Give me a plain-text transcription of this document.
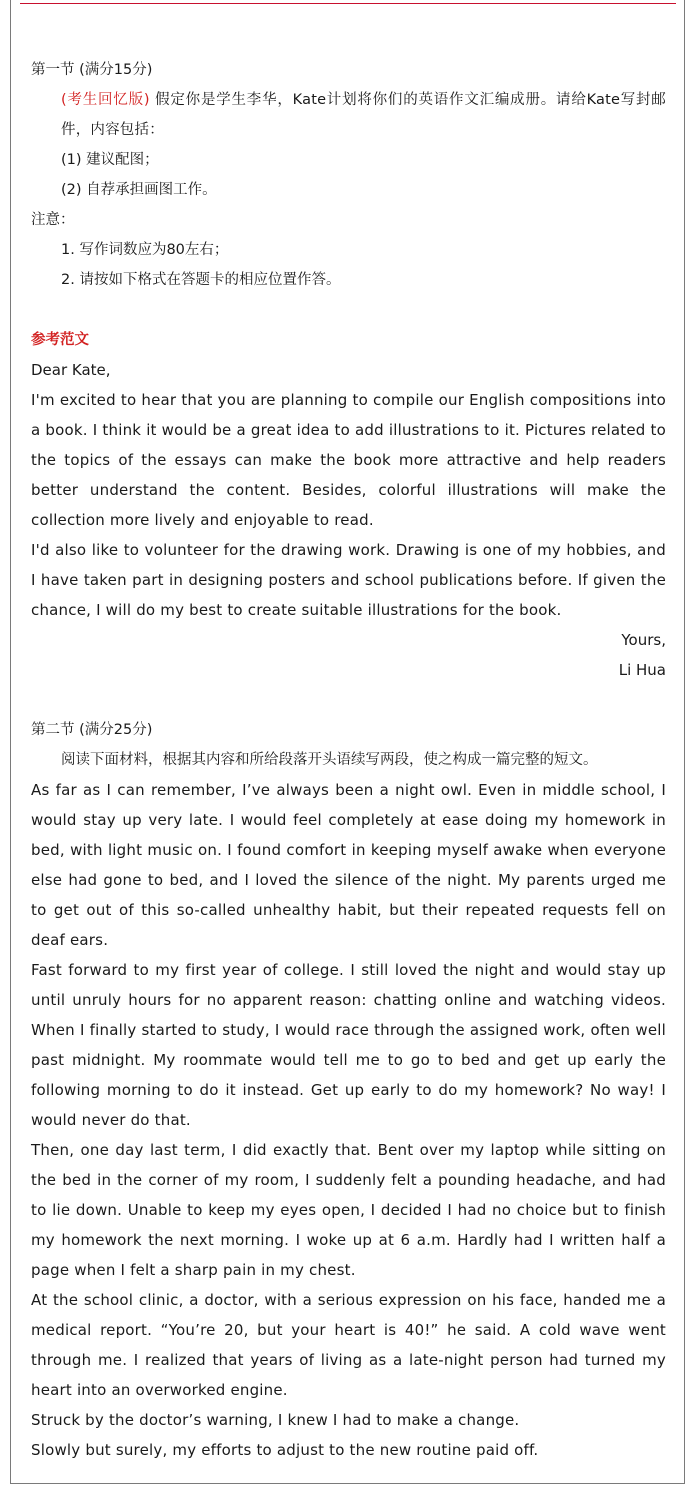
第一节 (满分15分)

(考生回忆版) 假定你是学生李华，Kate计划将你们的英语作文汇编成册。请给Kate写封邮件，内容包括：

(1) 建议配图；

(2) 自荐承担画图工作。

注意：

1. 写作词数应为80左右；

2. 请按如下格式在答题卡的相应位置作答。

参考范文

Dear Kate,

I'm excited to hear that you are planning to compile our English compositions into a book. I think it would be a great idea to add illustrations to it. Pictures related to the topics of the essays can make the book more attractive and help readers better understand the content. Besides, colorful illustrations will make the collection more lively and enjoyable to read.

I'd also like to volunteer for the drawing work. Drawing is one of my hobbies, and I have taken part in designing posters and school publications before. If given the chance, I will do my best to create suitable illustrations for the book.

Yours,

Li Hua

第二节 (满分25分)

阅读下面材料，根据其内容和所给段落开头语续写两段，使之构成一篇完整的短文。

As far as I can remember, I’ve always been a night owl. Even in middle school, I would stay up very late. I would feel completely at ease doing my homework in bed, with light music on. I found comfort in keeping myself awake when everyone else had gone to bed, and I loved the silence of the night. My parents urged me to get out of this so-called unhealthy habit, but their repeated requests fell on deaf ears.

Fast forward to my first year of college. I still loved the night and would stay up until unruly hours for no apparent reason: chatting online and watching videos. When I finally started to study, I would race through the assigned work, often well past midnight. My roommate would tell me to go to bed and get up early the following morning to do it instead. Get up early to do my homework? No way! I would never do that.

Then, one day last term, I did exactly that. Bent over my laptop while sitting on the bed in the corner of my room, I suddenly felt a pounding headache, and had to lie down. Unable to keep my eyes open, I decided I had no choice but to finish my homework the next morning. I woke up at 6 a.m. Hardly had I written half a page when I felt a sharp pain in my chest.

At the school clinic, a doctor, with a serious expression on his face, handed me a medical report. “You’re 20, but your heart is 40!” he said. A cold wave went through me. I realized that years of living as a late-night person had turned my heart into an overworked engine.

Struck by the doctor’s warning, I knew I had to make a change.

Slowly but surely, my efforts to adjust to the new routine paid off.
